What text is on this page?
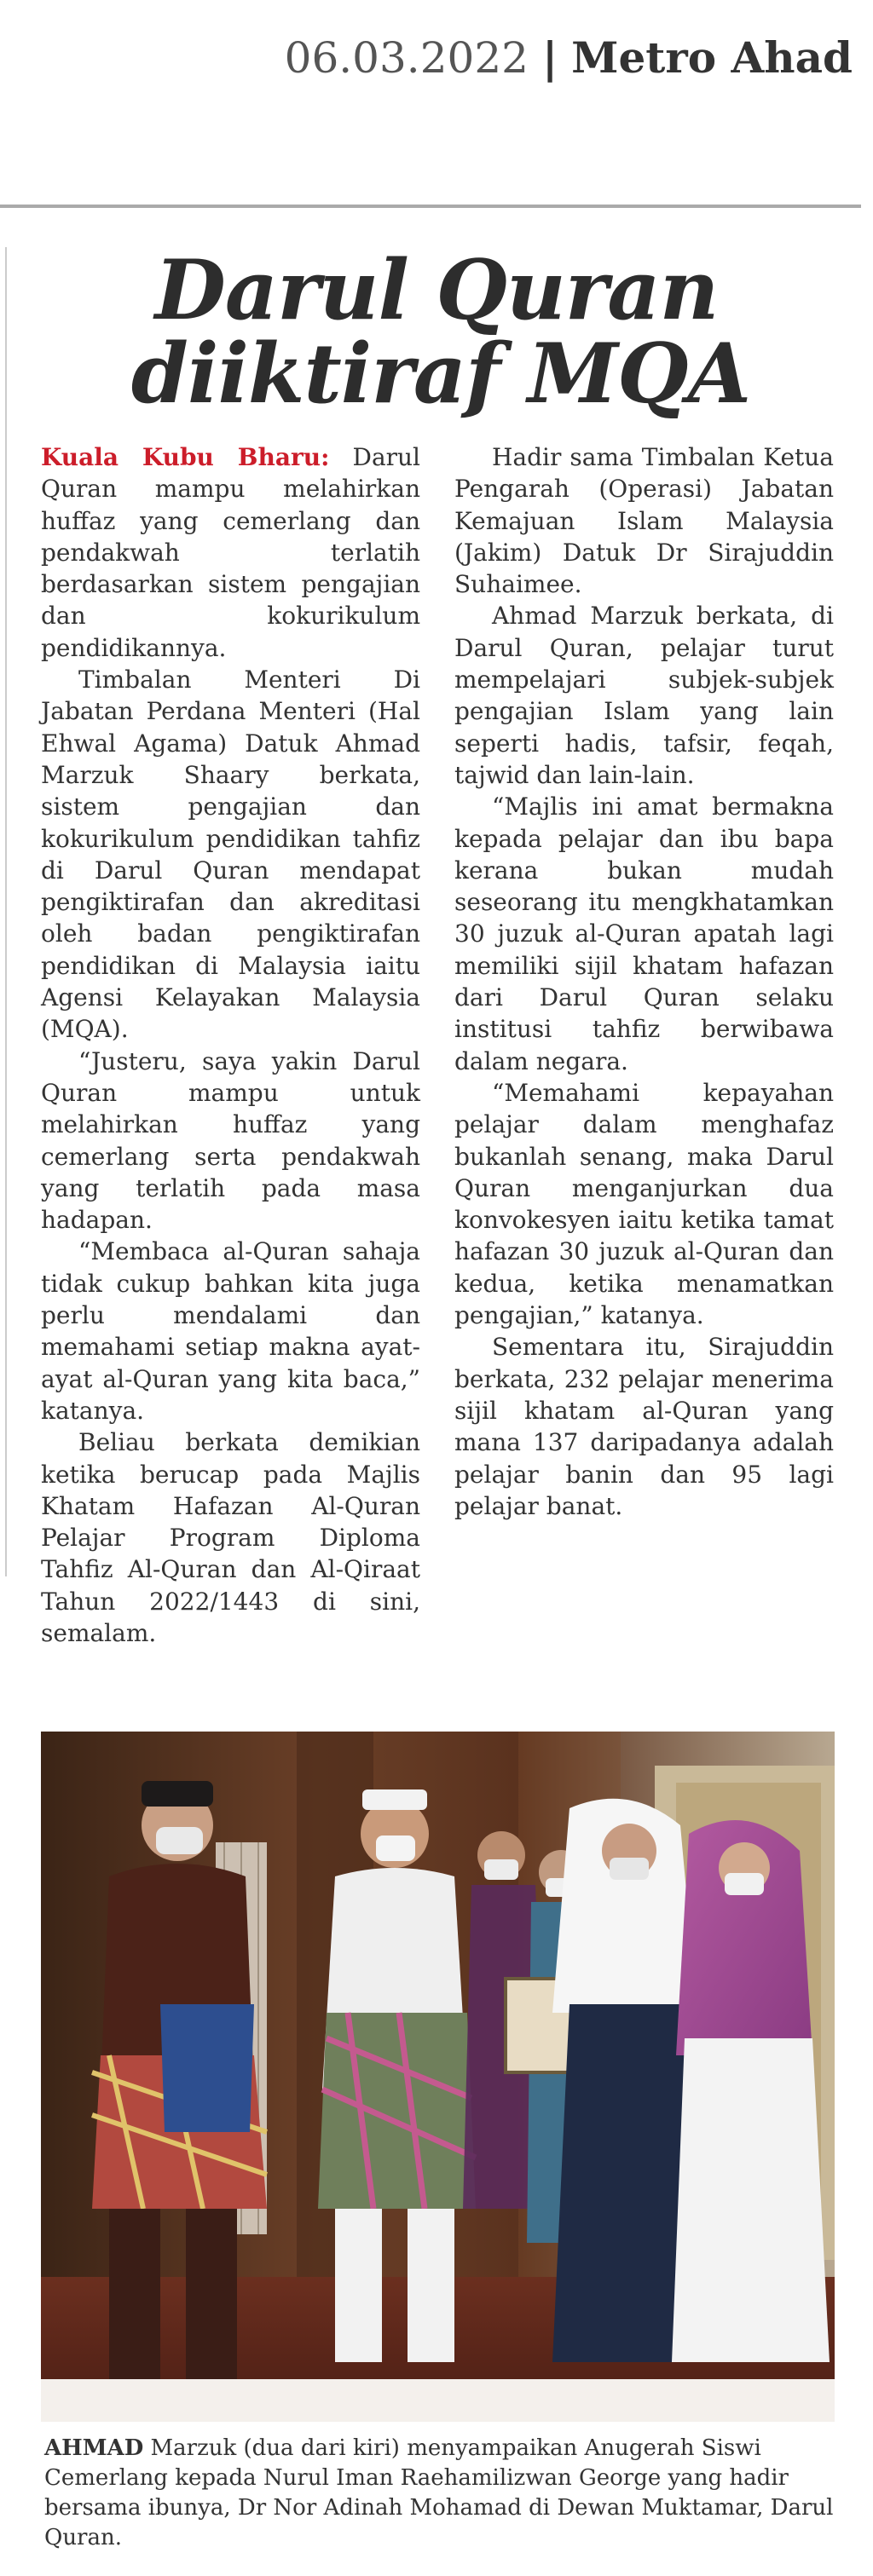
06.03.2022 | Metro Ahad
Darul Quran
diiktiraf MQA

Kuala Kubu Bharu: Darul Quran mampu melahirkan huffaz yang cemerlang dan pendakwah terlatih berdasarkan sistem pengajian dan kokurikulum pendidikannya.

Timbalan Menteri Di Jabatan Perdana Menteri (Hal Ehwal Agama) Datuk Ahmad Marzuk Shaary berkata, sistem pengajian dan kokurikulum pendidikan tahfiz di Darul Quran mendapat pengiktirafan dan akreditasi oleh badan pengiktirafan pendidikan di Malaysia iaitu Agensi Kelayakan Malaysia (MQA).

“Justeru, saya yakin Darul Quran mampu untuk melahirkan huffaz yang cemerlang serta pendakwah yang terlatih pada masa hadapan.

“Membaca al-Quran sahaja tidak cukup bahkan kita juga perlu mendalami dan memahami setiap makna ayat-ayat al-Quran yang kita baca,” katanya.

Beliau berkata demikian ketika berucap pada Majlis Khatam Hafazan Al-Quran Pelajar Program Diploma Tahfiz Al-Quran dan Al-Qiraat Tahun 2022/1443 di sini, semalam.

Hadir sama Timbalan Ketua Pengarah (Operasi) Jabatan Kemajuan Islam Malaysia (Jakim) Datuk Dr Sirajuddin Suhaimee.

Ahmad Marzuk berkata, di Darul Quran, pelajar turut mempelajari subjek-subjek pengajian Islam yang lain seperti hadis, tafsir, feqah, tajwid dan lain-lain.

“Majlis ini amat bermakna kepada pelajar dan ibu bapa kerana bukan mudah seseorang itu mengkhatamkan 30 juzuk al-Quran apatah lagi memiliki sijil khatam hafazan dari Darul Quran selaku institusi tahfiz berwibawa dalam negara.

“Memahami kepayahan pelajar dalam menghafaz bukanlah senang, maka Darul Quran menganjurkan dua konvokesyen iaitu ketika tamat hafazan 30 juzuk al-Quran dan kedua, ketika menamatkan pengajian,” katanya.

Sementara itu, Sirajuddin berkata, 232 pelajar menerima sijil khatam al-Quran yang mana 137 daripadanya adalah pelajar banin dan 95 lagi pelajar banat.

AHMAD Marzuk (dua dari kiri) menyampaikan Anugerah Siswi Cemerlang kepada Nurul Iman Raehamilizwan George yang hadir bersama ibunya, Dr Nor Adinah Mohamad di Dewan Muktamar, Darul Quran.
